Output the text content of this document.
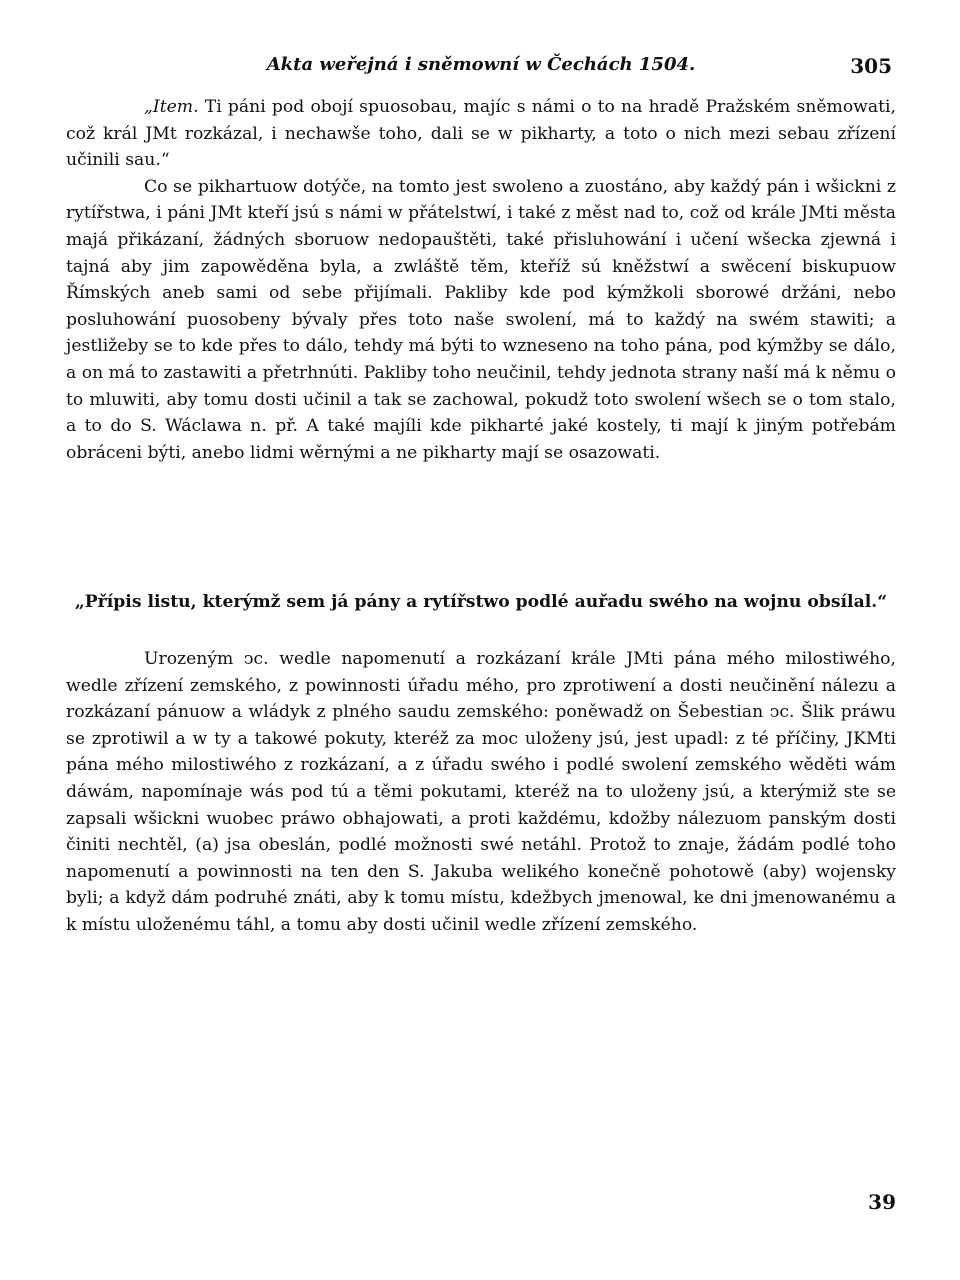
Akta weřejná i sněmowní w Čechách 1504.	305

„Item. Ti páni pod obojí spuosobau, majíc s námi o to na hradě Pražském sněmowati, což král JMt rozkázal, i nechawše toho, dali se w pikharty, a toto o nich mezi sebau zřízení učinili sau.“

Co se pikhartuow dotýče, na tomto jest swoleno a zuostáno, aby každý pán i wšickni z rytířstwa, i páni JMt kteří jsú s námi w přátelstwí, i také z měst nad to, což od krále JMti města majá přikázaní, žádných sboruow nedopauštěti, také přisluhowání i učení wšecka zjewná i tajná aby jim zapowěděna byla, a zwláště těm, kteříž sú kněžstwí a swěcení biskupuow Římských aneb sami od sebe přijímali. Pakliby kde pod kýmžkoli sborowé držáni, nebo posluhowání puosobeny bývaly přes toto naše swolení, má to každý na swém stawiti; a jestližeby se to kde přes to dálo, tehdy má býti to wzneseno na toho pána, pod kýmžby se dálo, a on má to zastawiti a přetrhnúti. Pakliby toho neučinil, tehdy jednota strany naší má k němu o to mluwiti, aby tomu dosti učinil a tak se zachowal, pokudž toto swolení wšech se o tom stalo, a to do S. Wáclawa n. př. A také majíli kde pikharté jaké kostely, ti mají k jiným potřebám obráceni býti, anebo lidmi wěrnými a ne pikharty mají se osazowati.

„Přípis listu, kterýmž sem já pány a rytířstwo podlé auřadu swého na wojnu obsílal.“

Urozeným ↄc. wedle napomenutí a rozkázaní krále JMti pána mého milostiwého, wedle zřízení zemského, z powinnosti úřadu mého, pro zprotiwení a dosti neučinění nálezu a rozkázaní pánuow a wládyk z plného saudu zemského: poněwadž on Šebestian ↄc. Šlik práwu se zprotiwil a w ty a takowé pokuty, kteréž za moc uloženy jsú, jest upadl: z té příčiny, JKMti pána mého milostiwého z rozkázaní, a z úřadu swého i podlé swolení zemského wěděti wám dáwám, napomínaje wás pod tú a těmi pokutami, kteréž na to uloženy jsú, a kterýmiž ste se zapsali wšickni wuobec práwo obhajowati, a proti každému, kdožby nálezuom panským dosti činiti nechtěl, (a) jsa obeslán, podlé možnosti swé netáhl. Protož to znaje, žádám podlé toho napomenutí a powinnosti na ten den S. Jakuba welikého konečně pohotowě (aby) wojensky byli; a když dám podruhé znáti, aby k tomu místu, kdežbych jmenowal, ke dni jmenowanému a k místu uloženému táhl, a tomu aby dosti učinil wedle zřízení zemského.

39
